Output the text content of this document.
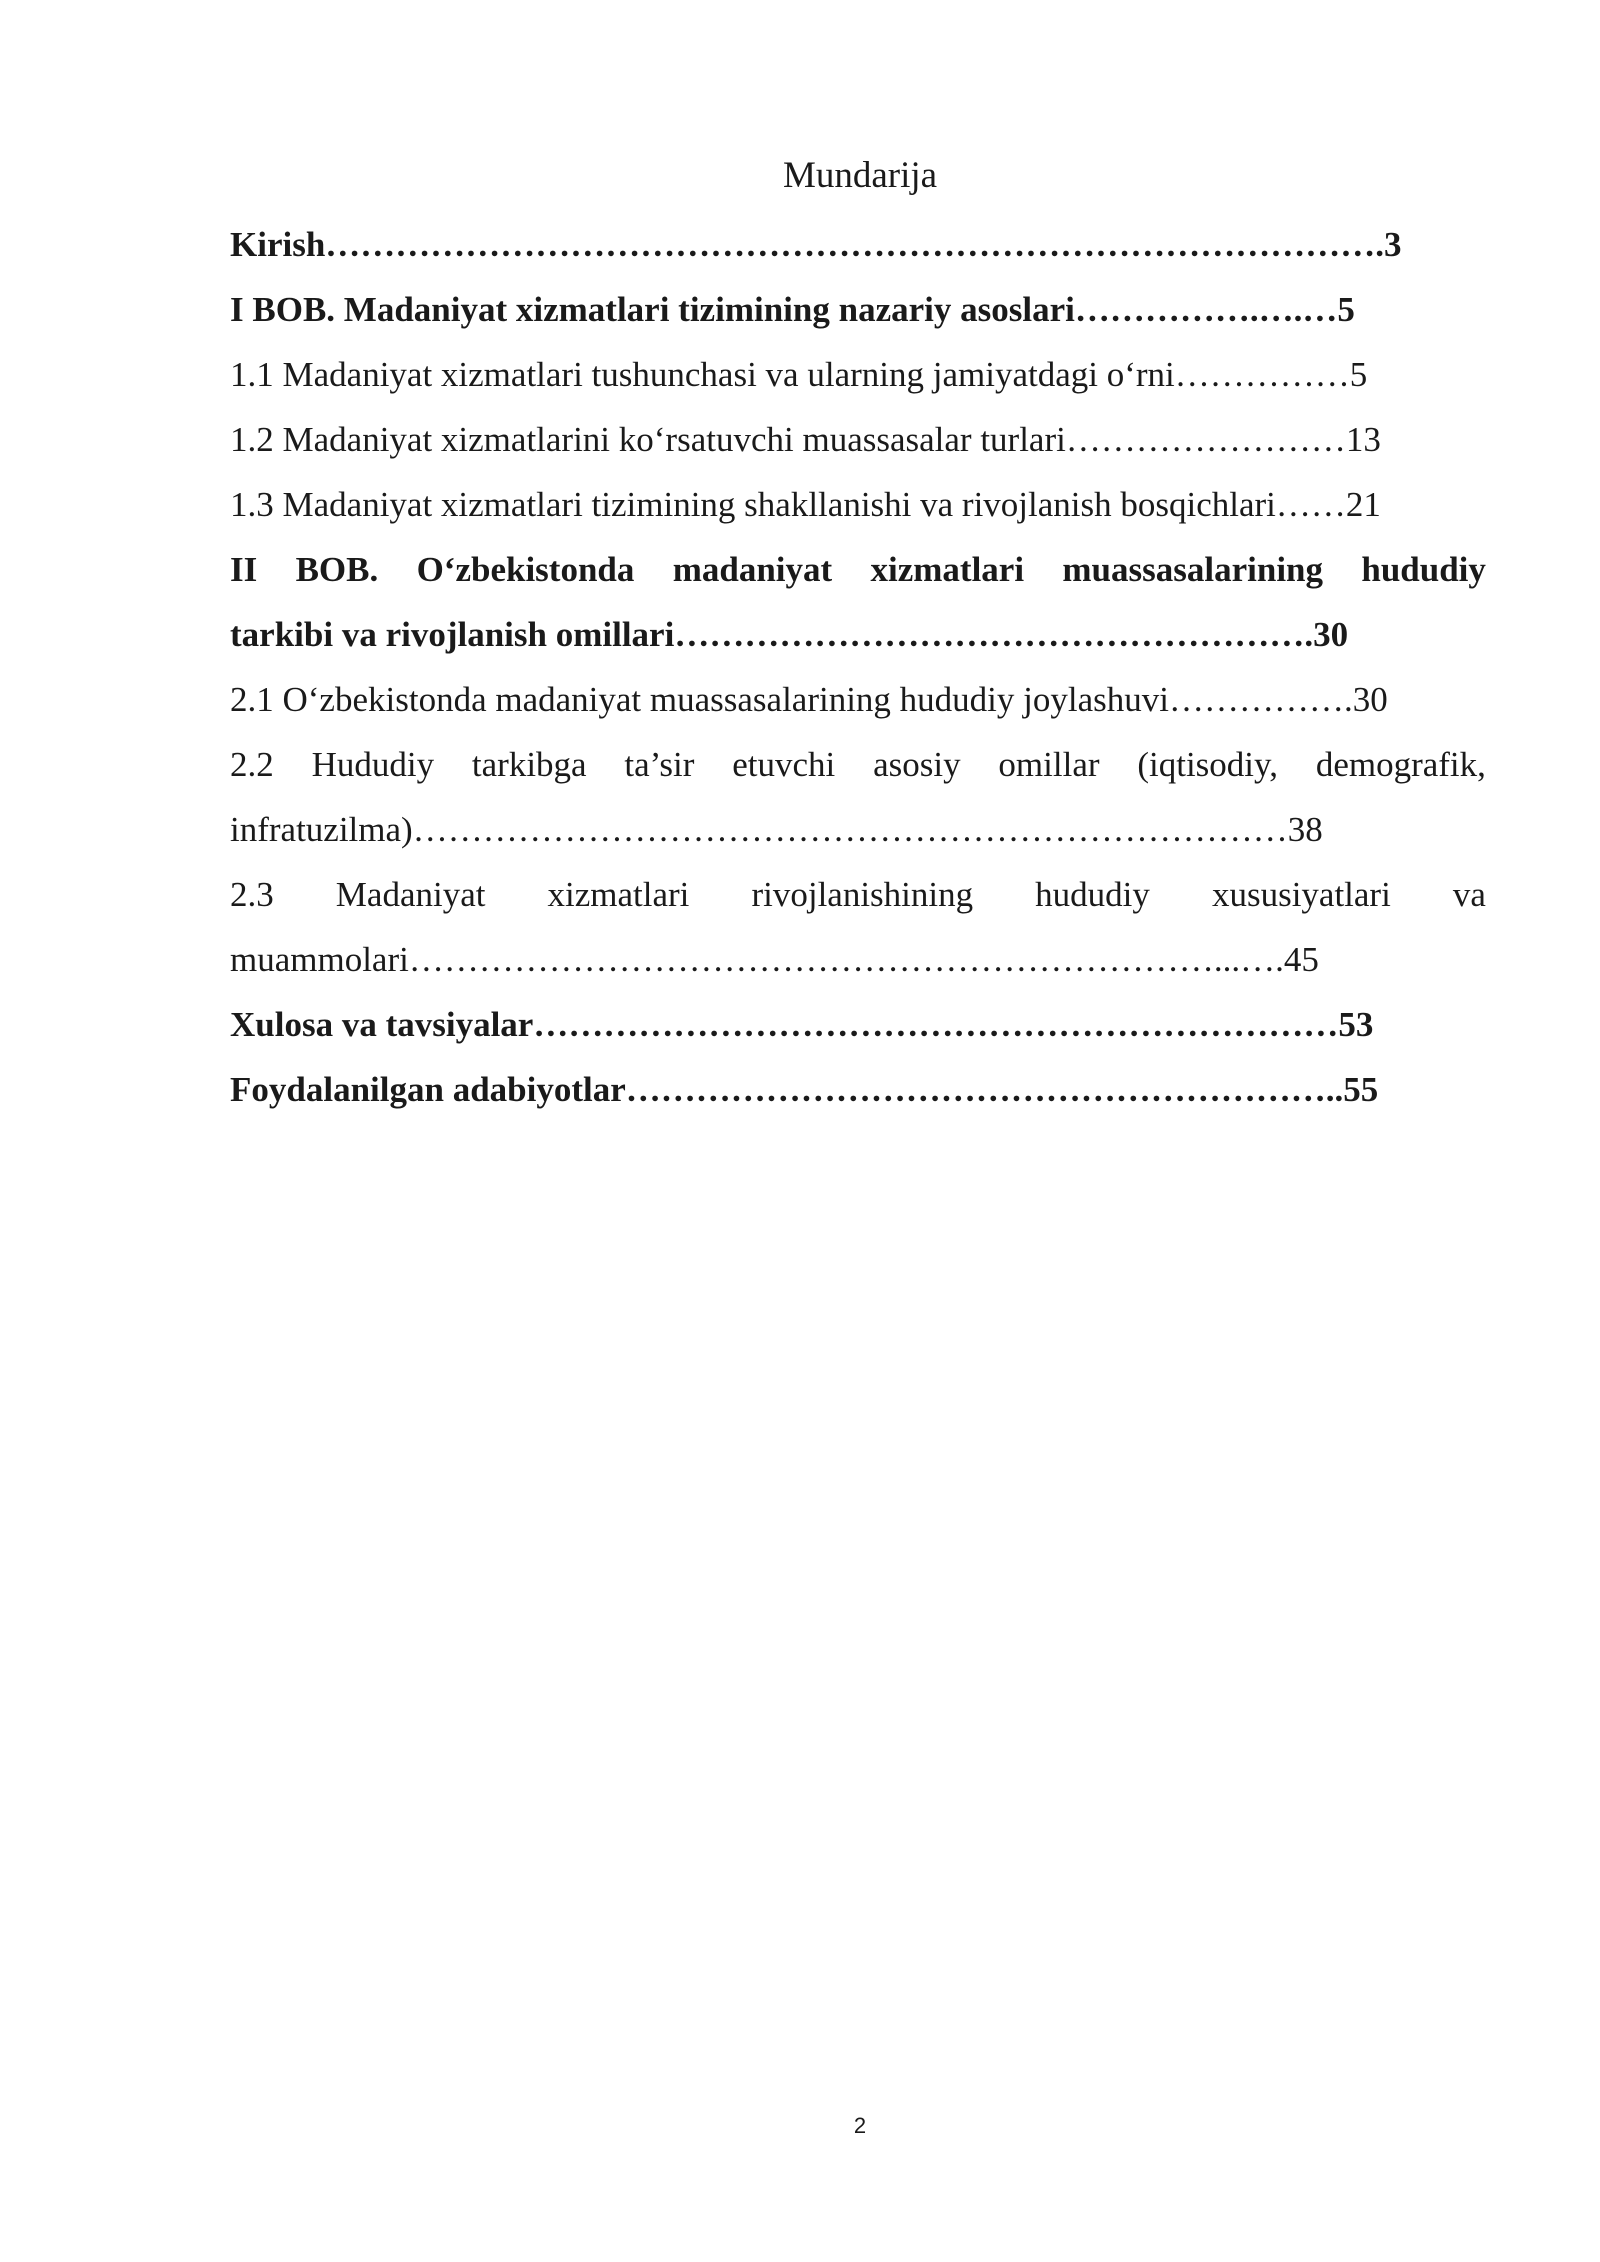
Mundarija
Kirish……………………………………………………………………………….3
I BOB. Madaniyat xizmatlari tizimining nazariy asoslari…………….….…5
1.1 Madaniyat xizmatlari tushunchasi va ularning jamiyatdagi o‘rni……………5
1.2 Madaniyat xizmatlarini ko‘rsatuvchi muassasalar turlari……………………13
1.3 Madaniyat xizmatlari tizimining shakllanishi va rivojlanish bosqichlari……21
II BOB. O‘zbekistonda madaniyat xizmatlari muassasalarining hududiy
tarkibi va rivojlanish omillari……………………………………………….30
2.1 O‘zbekistonda madaniyat muassasalarining hududiy joylashuvi…………….30
2.2 Hududiy tarkibga ta’sir etuvchi asosiy omillar (iqtisodiy, demografik,
infratuzilma)…………………………………………………………………38
2.3 Madaniyat xizmatlari rivojlanishining hududiy xususiyatlari va
muammolari……………………………………………………………...….45
Xulosa va tavsiyalar……………………………………………………………53
Foydalanilgan adabiyotlar……………………………………………………..55
2
